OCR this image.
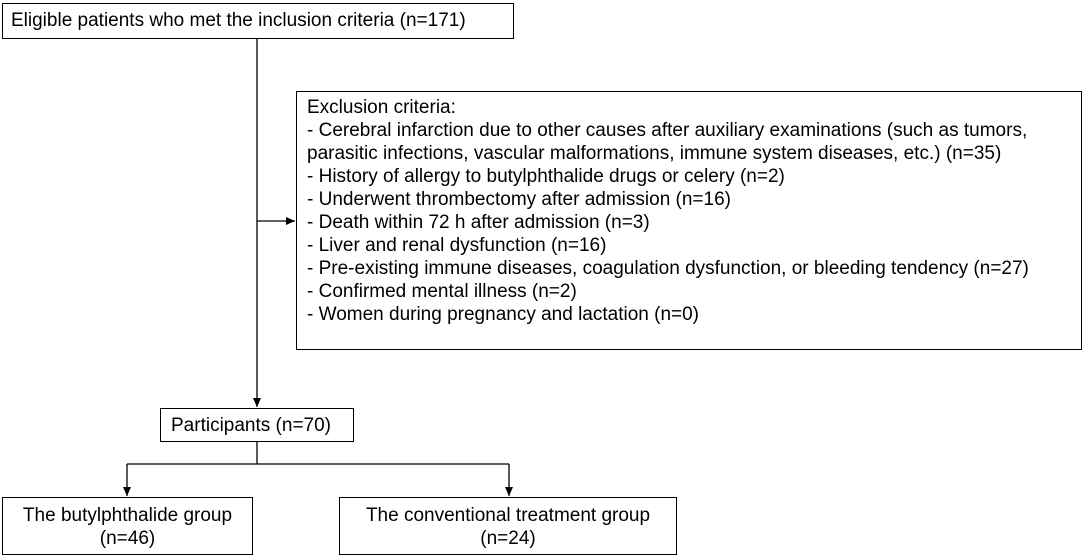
Eligible patients who met the inclusion criteria (n=171)
Exclusion criteria:
- Cerebral infarction due to other causes after auxiliary examinations (such as tumors,
parasitic infections, vascular malformations, immune system diseases, etc.) (n=35)
- History of allergy to butylphthalide drugs or celery (n=2)
- Underwent thrombectomy after admission (n=16)
- Death within 72 h after admission (n=3)
- Liver and renal dysfunction (n=16)
- Pre-existing immune diseases, coagulation dysfunction, or bleeding tendency (n=27)
- Confirmed mental illness (n=2)
- Women during pregnancy and lactation (n=0)
Participants (n=70)
The butylphthalide group
(n=46)
The conventional treatment group
(n=24)
